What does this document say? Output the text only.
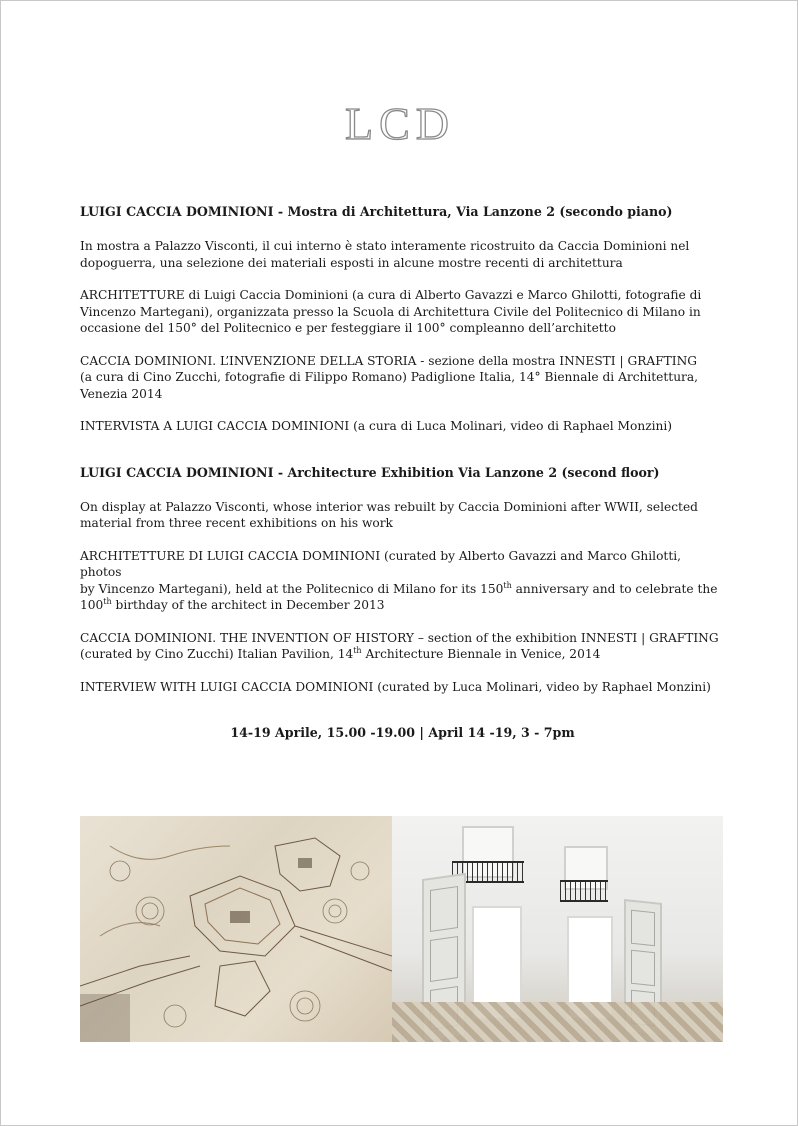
LCD
LUIGI CACCIA DOMINIONI - Mostra di Architettura, Via Lanzone 2 (secondo piano)

In mostra a Palazzo Visconti, il cui interno è stato interamente ricostruito da Caccia Dominioni nel
dopoguerra, una selezione dei materiali esposti in alcune mostre recenti di architettura

ARCHITETTURE di Luigi Caccia Dominioni (a cura di Alberto Gavazzi e Marco Ghilotti, fotografie di
Vincenzo Martegani), organizzata presso la Scuola di Architettura Civile del Politecnico di Milano in
occasione del 150° del Politecnico e per festeggiare il 100° compleanno dell’architetto

CACCIA DOMINIONI. L’INVENZIONE DELLA STORIA - sezione della mostra INNESTI | GRAFTING
(a cura di Cino Zucchi, fotografie di Filippo Romano) Padiglione Italia, 14° Biennale di Architettura,
Venezia 2014

INTERVISTA A LUIGI CACCIA DOMINIONI (a cura di Luca Molinari, video di Raphael Monzini)

LUIGI CACCIA DOMINIONI - Architecture Exhibition Via Lanzone 2 (second floor)

On display at Palazzo Visconti, whose interior was rebuilt by Caccia Dominioni after WWII, selected
material from three recent exhibitions on his work

ARCHITETTURE DI LUIGI CACCIA DOMINIONI (curated by Alberto Gavazzi and Marco Ghilotti, photos
by Vincenzo Martegani), held at the Politecnico di Milano for its 150th anniversary and to celebrate the
100th birthday of the architect in December 2013

CACCIA DOMINIONI. THE INVENTION OF HISTORY – section of the exhibition INNESTI | GRAFTING
(curated by Cino Zucchi) Italian Pavilion, 14th Architecture Biennale in Venice, 2014

INTERVIEW WITH LUIGI CACCIA DOMINIONI (curated by Luca Molinari, video by Raphael Monzini)

14-19 Aprile, 15.00 -19.00 | April 14 -19, 3 - 7pm
